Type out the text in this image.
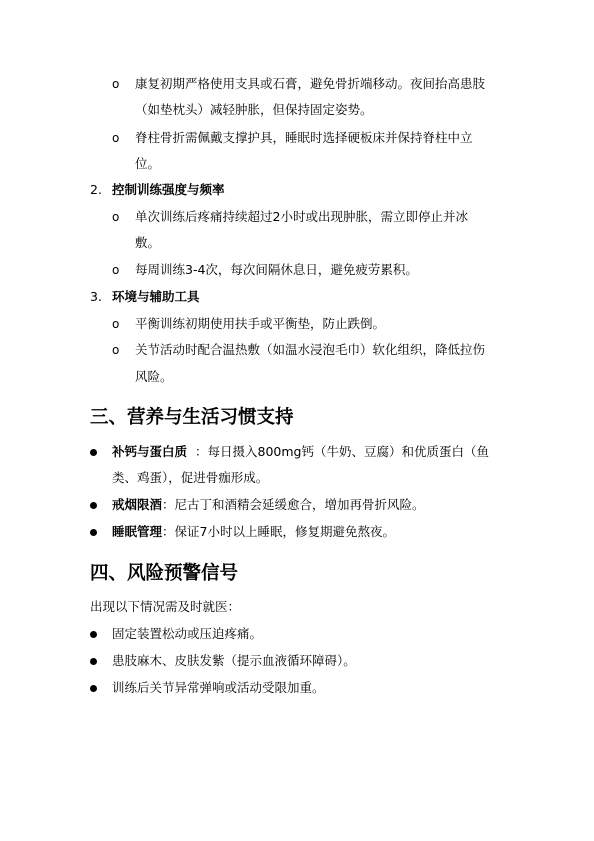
o 康复初期严格使用支具或石膏，避免骨折端移动。夜间抬高患肢
（如垫枕头）减轻肿胀，但保持固定姿势。
o 脊柱骨折需佩戴支撑护具，睡眠时选择硬板床并保持脊柱中立
位。
2. 控制训练强度与频率
o 单次训练后疼痛持续超过2小时或出现肿胀，需立即停止并冰
敷。
o 每周训练3-4次，每次间隔休息日，避免疲劳累积。
3. 环境与辅助工具
o 平衡训练初期使用扶手或平衡垫，防止跌倒。
o 关节活动时配合温热敷（如温水浸泡毛巾）软化组织，降低拉伤
风险。
三、营养与生活习惯支持
补钙与蛋白质 ：每日摄入800mg钙（牛奶、豆腐）和优质蛋白（鱼
类、鸡蛋），促进骨痂形成。
戒烟限酒：尼古丁和酒精会延缓愈合，增加再骨折风险。
睡眠管理：保证7小时以上睡眠，修复期避免熬夜。
四、风险预警信号
出现以下情况需及时就医：
固定装置松动或压迫疼痛。
患肢麻木、皮肤发紫（提示血液循环障碍）。
训练后关节异常弹响或活动受限加重。
